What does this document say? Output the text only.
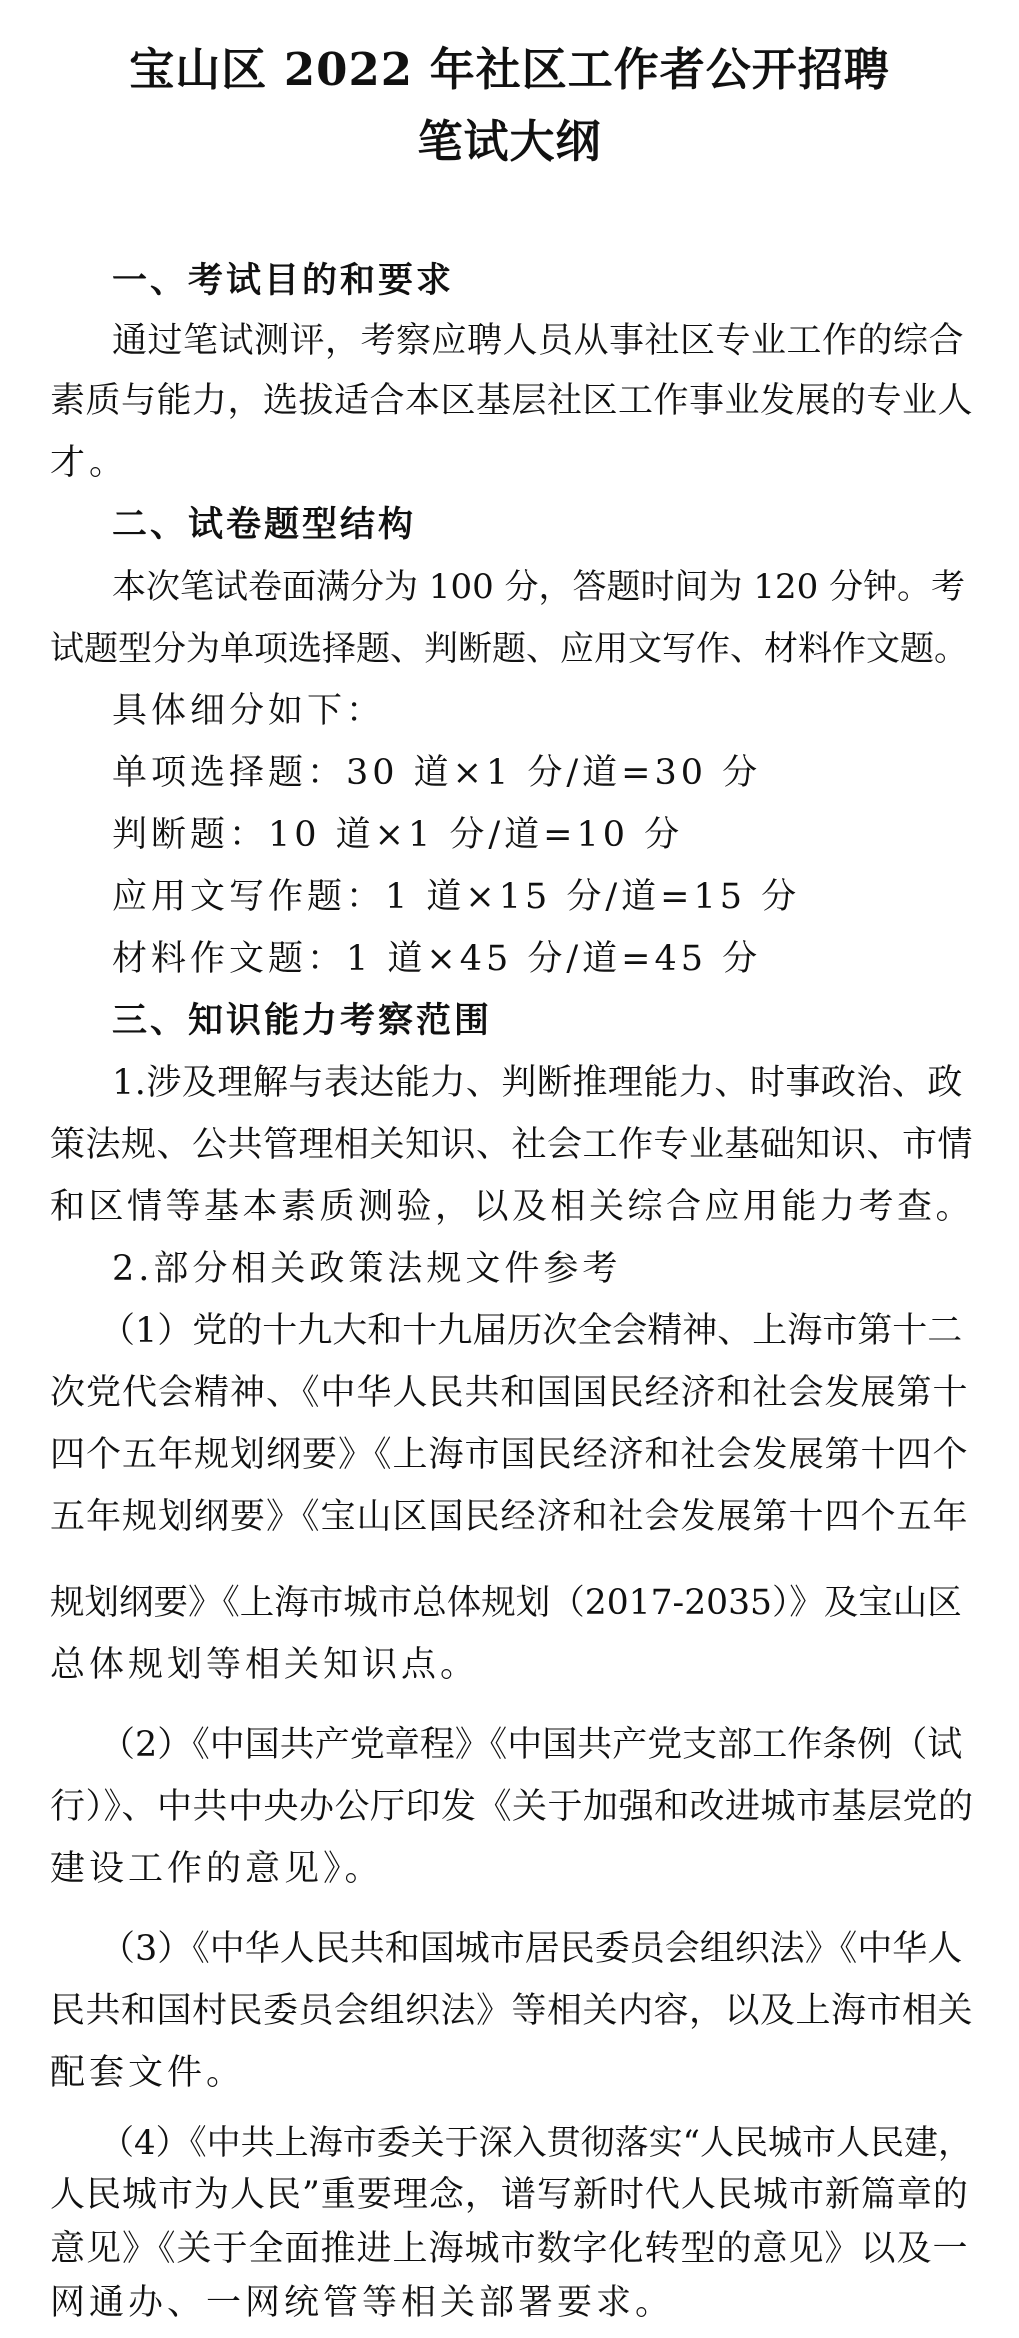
宝山区 2022 年社区工作者公开招聘
笔试大纲
一、考试目的和要求
通过笔试测评，考察应聘人员从事社区专业工作的综合
素质与能力，选拔适合本区基层社区工作事业发展的专业人
才。
二、试卷题型结构
本次笔试卷面满分为 100 分，答题时间为 120 分钟。考
试题型分为单项选择题、判断题、应用文写作、材料作文题。
具体细分如下：
单项选择题：30 道×1 分/道=30 分
判断题：10 道×1 分/道=10 分
应用文写作题：1 道×15 分/道=15 分
材料作文题：1 道×45 分/道=45 分
三、知识能力考察范围
1.涉及理解与表达能力、判断推理能力、时事政治、政
策法规、公共管理相关知识、社会工作专业基础知识、市情
和区情等基本素质测验，以及相关综合应用能力考查。
2.部分相关政策法规文件参考
（1）党的十九大和十九届历次全会精神、上海市第十二
次党代会精神、《中华人民共和国国民经济和社会发展第十
四个五年规划纲要》《上海市国民经济和社会发展第十四个
五年规划纲要》《宝山区国民经济和社会发展第十四个五年
规划纲要》《上海市城市总体规划（2017-2035）》及宝山区
总体规划等相关知识点。
（2）《中国共产党章程》《中国共产党支部工作条例（试
行）》、中共中央办公厅印发《关于加强和改进城市基层党的
建设工作的意见》。
（3）《中华人民共和国城市居民委员会组织法》《中华人
民共和国村民委员会组织法》等相关内容，以及上海市相关
配套文件。
（4）《中共上海市委关于深入贯彻落实“人民城市人民建，
人民城市为人民”重要理念，谱写新时代人民城市新篇章的
意见》《关于全面推进上海城市数字化转型的意见》以及一
网通办、一网统管等相关部署要求。
